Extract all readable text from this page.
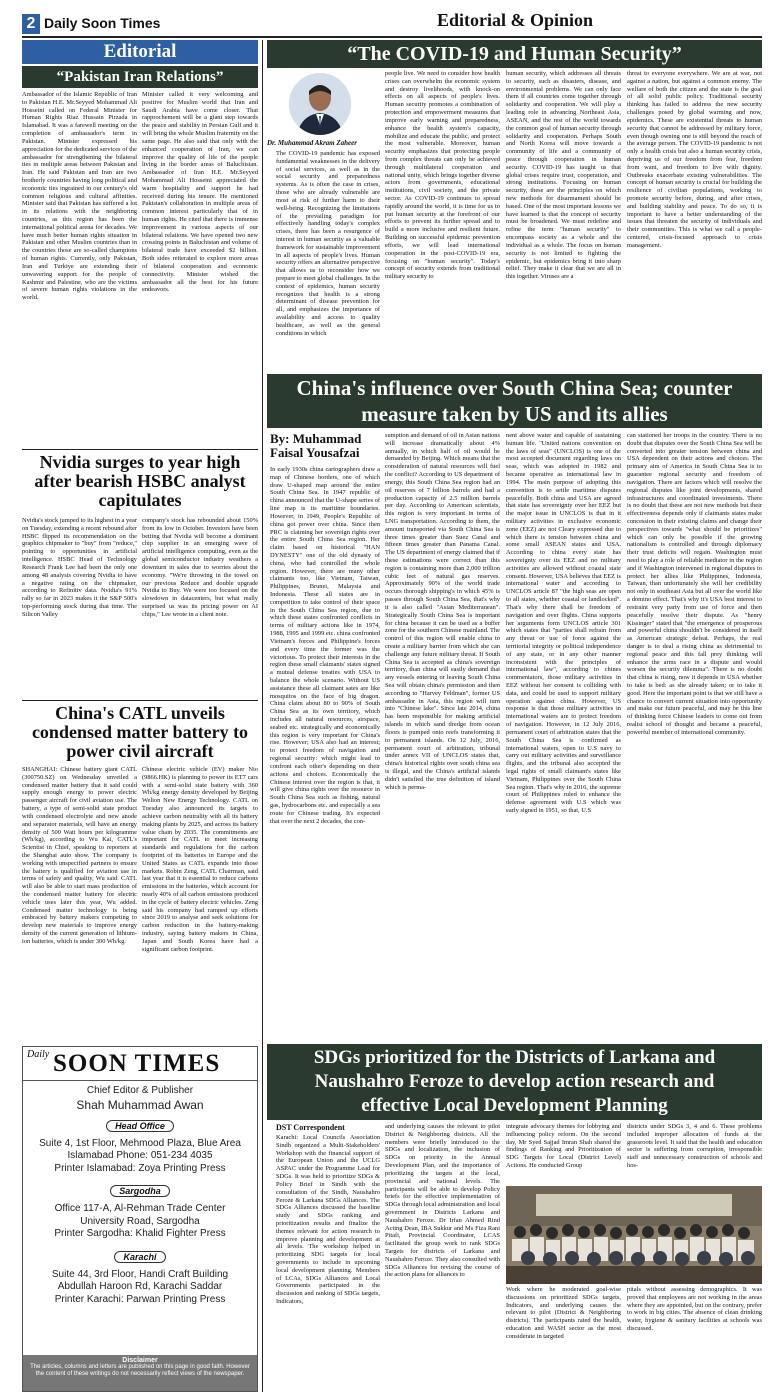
2 Daily Soon Times	Editorial & Opinion
Editorial
“Pakistan Iran Relations”
Ambassador of the Islamic Republic of Iran to Pakistan H.E. Mr.Seyyed Mohammad Ali Hosseini called on Federal Minister for Human Rights Riaz Hussain Pirzada in Islamabad. It was a farewell meeting on the completion of ambassador's term in Pakistan. Minister expressed his appreciation for the dedicated services of the ambassador for strengthening the bilateral ties in multiple areas between Pakistan and Iran. He said Pakistan and Iran are two brotherly countries having long political and economic ties ingrained in our century's old common religious and cultural affinities. Minister said that Pakistan has suffered a lot in its relations with the neighboring countries, as this region has been the international political arena for decades. We have much better human rights situation in Pakistan and other Muslim countries than in the countries those are so-called champions of human rights. Currently, only Pakistan, Iran and Turkiye are extending their unwavering support for the people of Kashmir and Palestine, who are the victims of severe human rights violations in the world.
Minister called it very welcoming and positive for Muslim world that Iran and Saudi Arabia have come closer. That rapprochement will be a giant step towards the peace and stability in Persian Gulf and it will bring the whole Muslim fraternity on the same page. He also said that only with the enhanced cooperation of Iran, we can improve the quality of life of the people living in the border areas of Baluchistan. Ambassador of Iran H.E. Mr.Seyyed Mohammad Ali Hosseini appreciated the warm hospitality and support he had received during his tenure. He mentioned Pakistan's collaboration in multiple areas of common interest particularly that of in human rights. He cited that there is immense improvement in various aspects of our bilateral relations. We have opened two new crossing points in Baluchistan and volume of bilateral trade have exceeded $2 billion. Both sides reiterated to explore more areas of bilateral cooperation and economic connectivity. Minister wished the ambassador all the best for his future endeavors.
Nvidia surges to year high after bearish HSBC analyst capitulates
Nvidia's stock jumped to its highest in a year on Tuesday, extending a recent rebound after HSBC flipped its recommendation on the graphics chipmaker to "buy" from "reduce," pointing to opportunities in artificial intelligence. HSBC Head of Technology Research Frank Lee had been the only one among 48 analysts covering Nvidia to have a negative rating on the chipmaker, according to Refinitiv data. Nvidia's 91% rally so far in 2023 makes it the S&P 500's top-performing stock during that time. The Silicon Valley
company's stock has rebounded about 150% from its low in October. Investors have been betting that Nvidia will become a dominant chip supplier in an emerging wave of artificial intelligence computing, even as the global semiconductor industry weathers a downturn in sales due to worries about the economy. "We're throwing in the towel on our previous Reduce and double upgrade Nvidia to Buy. We were too focused on the slowdown in datacenters, but what really surprised us was its pricing power on AI chips," Lee wrote in a client note.
China's CATL unveils condensed matter battery to power civil aircraft
SHANGHAI: Chinese battery giant CATL (300750.SZ) on Wednesday unveiled a condensed matter battery that it said could supply enough energy to power electric passenger aircraft for civil aviation use. The battery, a type of semi-solid state product with condensed electrolyte and new anode and separator materials, will have an energy density of 500 Watt hours per kilogramme (Wh/kg), according to Wu Kai, CATL's Scientist in Chief, speaking to reporters at the Shanghai auto show. The company is working with unspecified partners to ensure the battery is qualified for aviation use in terms of safety and quality, Wu said. CATL will also be able to start mass production of the condensed matter battery for electric vehicle uses later this year, Wu added. Condensed matter technology is being embraced by battery makers competing to develop new materials to improve energy density of the current generation of lithium-ion batteries, which is under 300 Wh/kg.
Chinese electric vehicle (EV) maker Nio (9866.HK) is planning to power its ET7 cars with a semi-solid state battery with 360 Wh/kg energy density developed by Beijing Welion New Energy Technology. CATL on Tuesday also announced its targets to achieve carbon neutrality with all its battery making plants by 2025, and across its battery value chain by 2035. The commitments are important for CATL to meet increasing standards and regulations for the carbon footprint of its batteries in Europe and the United States as CATL expands into those markets. Robin Zeng, CATL Chairman, said last year that it is essential to reduce carbons emissions in the batteries, which account for nearly 40% of all carbon emissions produced in the cycle of battery electric vehicles. Zeng said his company had ramped up efforts since 2019 to analyse and seek solutions for carbon reduction in the battery-making industry, saying battery makers in China, Japan and South Korea have had a significant carbon footprint.
Daily SOON TIMES
Chief Editor & Publisher
Shah Muhammad Awan
Head Office
Suite 4, 1st Floor, Mehmood Plaza, Blue Area
Islamabad Phone: 051-234 4035
Printer Islamabad: Zoya Printing Press
Sargodha
Office 117-A, Al-Rehman Trade Center
University Road, Sargodha
Printer Sargodha: Khalid Fighter Press
Karachi
Suite 44, 3rd Floor, Handi Craft Building
Abdullah Haroon Rd, Karachi Saddar
Printer Karachi: Parwan Printing Press
Disclaimer
The articles, columns and letters are published on this page in good faith. However the content of these writings do not necessarily reflect views of the newspaper.
“The COVID-19 and Human Security”
Dr. Muhammad Akram Zaheer
The COVID-19 pandemic has exposed fundamental weaknesses in the delivery of social services, as well as in the social security and preparedness systems. As is often the case in crises, those who are already vulnerable are most at risk of further harm to their well-being. Recognizing the limitations of the prevailing paradigm for effectively handling today's complex crises, there has been a resurgence of interest in human security as a valuable framework for sustainable improvement in all aspects of people's lives. Human security offers an alternative perspective that allows us to reconsider how we prepare to meet global challenges. In the context of epidemics, human security recognizes that health is a strong determinant of disease prevention for all, and emphasizes the importance of availability and access to quality healthcare, as well as the general conditions in which
people live. We need to consider how health crises can overwhelm the economic system and destroy livelihoods, with knock-on effects on all aspects of people's lives. Human security promotes a combination of protection and empowerment measures that improve early warning and preparedness, enhance the health system's capacity, mobilize and educate the public, and protect the most vulnerable. Moreover, human security emphasizes that protecting people from complex threats can only be achieved through multilateral cooperation and national unity, which brings together diverse actors from governments, educational institutions, civil society, and the private sector. As COVID-19 continues to spread rapidly around the world, it is time for us to put human security at the forefront of our efforts to prevent its further spread and to build a more inclusive and resilient future. Building on successful epidemic prevention efforts, we will lead international cooperation in the post-COVID-19 era, focusing on "human security". Today's concept of security extends from traditional military security to
human security, which addresses all threats to security, such as disasters, disease, and environmental problems. We can only face them if all countries come together through solidarity and cooperation. We will play a leading role in advancing Northeast Asia, ASEAN, and the rest of the world towards the common goal of human security through solidarity and cooperation. Perhaps South and North Korea will move towards a community of life and a community of peace through cooperation in human security. COVID-19 has taught us that global crises require trust, cooperation, and strong institutions. Focusing on human security, these are the principles on which new methods for disarmament should be based. One of the most important lessons we have learned is that the concept of security must be broadened. We must redefine and refine the term "human security" to encompass society as a whole and the individual as a whole. The focus on human security is not limited to fighting the epidemic, but epidemics bring it into sharp relief. They make it clear that we are all in this together. Viruses are a
threat to everyone everywhere. We are at war, not against a nation, but against a common enemy. The welfare of both the citizen and the state is the goal of all solid public policy. Traditional security thinking has failed to address the new security challenges posed by global warming and now, epidemics. These are existential threats to human security that cannot be addressed by military force, even though owning one is still beyond the reach of the average person. The COVID-19 pandemic is not only a health crisis but also a human security crisis, depriving us of our freedom from fear, freedom from want, and freedom to live with dignity. Outbreaks exacerbate existing vulnerabilities. The concept of human security is crucial for building the resilience of civilian populations, working to promote security before, during, and after crises, and building stability and peace. To do so, it is important to have a better understanding of the issues that threaten the security of individuals and their communities. This is what we call a people-centered, crisis-focused approach to crisis management.
China's influence over South China Sea; counter measure taken by US and its allies
By: Muhammad Faisal Yousafzai
In early 1930s china cartographers draw a map of Chinese borders, one of which draw U-shaped map around the entire South China Sea. In 1947 republic of china announced that the U-shape series of line map is its maritime boundaries. However, in 1949, People's Republic of china got power over china. Since then PRC is claiming her sovereign rights over the entire South China Sea region. Her claim based on historical "HAN DYNESTY" one of the old dynasty of china, who had controlled the whole region. However, there are many other claimants too, like Vietnam, Taiwan, Philippines, Brunei, Malaysia and Indonesia. These all states are in competition to take control of their space in the South China Sea region, due to which these states confronted conflicts in terms of military actions like in 1974, 1988, 1995 and 1999 etc. china confronted Vietnam's forces and Philippine's forces and every time the former was the victorious. To protect their interests in the region these small claimants' states signed a mutual defense treaties with USA to balance the whole scenario. Without US assistance these all claimant sates are like mosquitos on the face of big dragon. China claim about 80 to 90% of South China Sea as its own territory, which includes all natural resources, airspace, seabed etc. strategically and economically this region is very important for China's rise. However; USA also had an interest; to protect freedom of navigation and regional security: which might lead to confront each other's depending on their actions and choices. Economically the Chinese interest over the region is that, it will give china rights over the resource in South China Sea such as fishing, natural gas, hydrocarbons etc. and especially a sea route for Chinese trading. It's expected that over the next 2 decades, the con-
sumption and demand of oil in Asian nations will increase dramatically about 4% annually, in which half of oil would be demanded by Beijing. Which means that the consideration of natural resources will fuel the conflict? According to US department of energy, this South China Sea region had an oil reserves of 7 billion barrels and had a production capacity of 2.5 million barrels per day. According to American scientists, this region is very important in terms of LNG transportation. According to them, the amount transported via South China Sea is three times greater than Suez Canal and fifteen times greater than Panama Canal. The US department of energy claimed that if these estimations were correct than this region is containing more than 2,000 trillion cubic feet of natural gas reserves. Approximately 90% of the world trade occurs thorough shipping's in which 45% is passes through South China Sea, that's why it is also called "Asian Mediterranean". Strategically South China Sea is important for china because it can be used as a buffer zone for the southern Chinese mainland. The control of this region will enable china to create a military barrier from which she can challenge any future military threat. If South China Sea is accepted as china's sovereign territory, than china will easily demand that any vessels entering or leaving South China Sea will obtain china's permission and then according to "Harvey Feldman", former US ambassador in Asia, this region will turn into "Chinese lake". Since late 2014, china has been responsible for making artificial islands in which sand dredge from ocean floors is pumped onto reefs transforming it to permanent islands. On 12 July, 2016, permanent court of arbitration, tribunal under annex VII of UNCLOS states that, china's historical rights over south china sea is illegal, and the China's artificial islands didn't satisfied the true definition of island which is perma-
nent above water and capable of sustaining human life. "United nations convention on the laws of seas" (UNCLOS) is one of the most accepted document regarding laws on seas, which was adopted in 1982 and became operative as international law in 1994. The main purpose of adopting this convention is to settle maritime disputes peacefully. Both china and USA are agreed that state has sovereignty over her EEZ but the major issue in UNCLOS is that in it military activities in exclusive economic zone (EEZ) are not Cleary expressed due to which there is tension between china and some small ASEAN states and USA. According to china every state has sovereignty over its EEZ and no military activities are allowed without coastal state consent. However, USA believes that EEZ is international water and according to UNCLOS article 87 "the high seas are open to all states, whether coastal or landlocked". That's why there shall be freedom of navigation and over flights. China supports her arguments form UNCLOS article 301 which states that "parties shall refrain from any threat or use of force against the territorial integrity or political independence of any state, or in any other manner inconsistent with the principles of international law", according to chines commentators, those military activities in EEZ without her consent is colliding with data, and could be used to support military operation against china. However, US response is that those military activities in international waters are to protect freedom of navigation. However, in 12 July 2016, permanent court of arbitration states that the South China Sea is confirmed as international waters, open to U.S navy to carry out military activities and surveillance flights, and the tribunal also accepted the legal rights of small claimant's states like Vietnam, Philippines over the South China Sea region. That's why in 2016, the supreme court of Philippines ruled to enhance the defense agreement with U.S which was early signed in 1951, so that, U.S
can stationed her troops in the country. There is no doubt that disputes over the South China Sea will be converted into greater tension between china and USA dependent on their actions and choices. The primary aim of America in South China Sea is to guarantee regional security and freedom of navigation. There are factors which will resolve the regional disputes like joint developments, shared infrastructures and coordinated investments. There is no doubt that these are not new methods but their effectiveness depends only if claimants states make concession in their existing claims and change their perspectives towards "what should be prioritizes" which can only be possible if the growing nationalism is controlled and through diplomacy their trust deficits will regain. Washington must need to play a role of reliable mediator in the region and if Washington intervened in regional disputes to protect her allies like Philippines, Indonesia, Taiwan, than unfortunately she will her credibility not only in southeast Asia but all over the world like a domino effect. That's why it's USA best interest to restraint very party from use of force and then peacefully resolve their dispute. As "henry Kissinger" stated that "the emergence of prosperous and powerful china shouldn't be considered in itself as American strategic defeat. Perhaps, the real danger is to deal a rising china as detrimental to regional peace and this fall prey thinking will enhance the arms race in a dispute and would worsen the security dilemma". There is no doubt that china is rising, now it depends in USA whether to take is bed: as she already taken; or to take it good. Here the important point is that we still have a chance to convert current situation into opportunity and make our future peaceful, and may be this line of thinking force Chinese leaders to come out from realist school of thought and became a peaceful, powerful member of international community.
SDGs prioritized for the Districts of Larkana and Naushahro Feroze to develop action research and effective Local Development Planning
DST Correspondent
Karachi: Local Councils Association Sindh organized a Multi-Stakeholders' Workshop with the financial support of the European Union and the UCLG ASPAC under the Programme Lead for SDGs. It was held to prioritize SDGs & Policy Brief in Sindh with the consultation of the Sindh, Naushahro Feroze & Larkana SDGs Alliances. The SDGs Alliances discussed the baseline study and SDGs ranking and prioritization results and finalize the themes relevant for action research to improve planning and development at all levels. The workshop helped in prioritizing SDG targets for local governments to include in upcoming local development planning. Members of LCAs, SDGs Alliances and Local Governments participated in the discussion and ranking of SDGs targets, Indicators,
and underlying causes the relevant to pilot District & Neighboring districts. All the members were briefly introduced to the SDGs and localization, the inclusion of SDGs on priority in the Annual Development Plan, and the importance of prioritizing the targets at the local, provincial and national levels. The participants will be able to develop Policy briefs for the effective implementation of SDGs through local administration and local government in Districts Larkana and Naushahro Feroze. Dr Irfan Ahmed Rind Acting Dean, IBA Sukkur and Ms Fiza Rani Pitafi, Provincial Coordinator, LCAS facilitated the group work to rank SDGs Targets for districts of Larkana and Naushahro Feroze. They also consulted with SDGs Alliances for revising the course of the action plans for alliances to
integrate advocacy themes for lobbying and influencing policy reform. On the second day, Mr Syed Sajjad Imran Shah shared the findings of Ranking and Prioritization of SDG Targets for Local (District Level) Actions. He conducted Group
districts under SDGs 3, 4 and 6. These problems included improper allocation of funds at the grassroots level. It said that the health and education sector is suffering from corruption, irresponsible staff and unnecessary construction of schools and hos-
Work where he moderated goal-wise discussions on prioritized SDGs targets, Indicators, and underlying causes the relevant to pilot (District & Neighboring districts). The participants rated the health, education and WASH sector as the most considerate in targeted
pitals without assessing demographics. It was proved that employees are not working in the areas where they are appointed, but on the contrary, prefer to work in big cities. The absence of clean drinking water, hygiene & sanitary facilities at schools was discussed.
